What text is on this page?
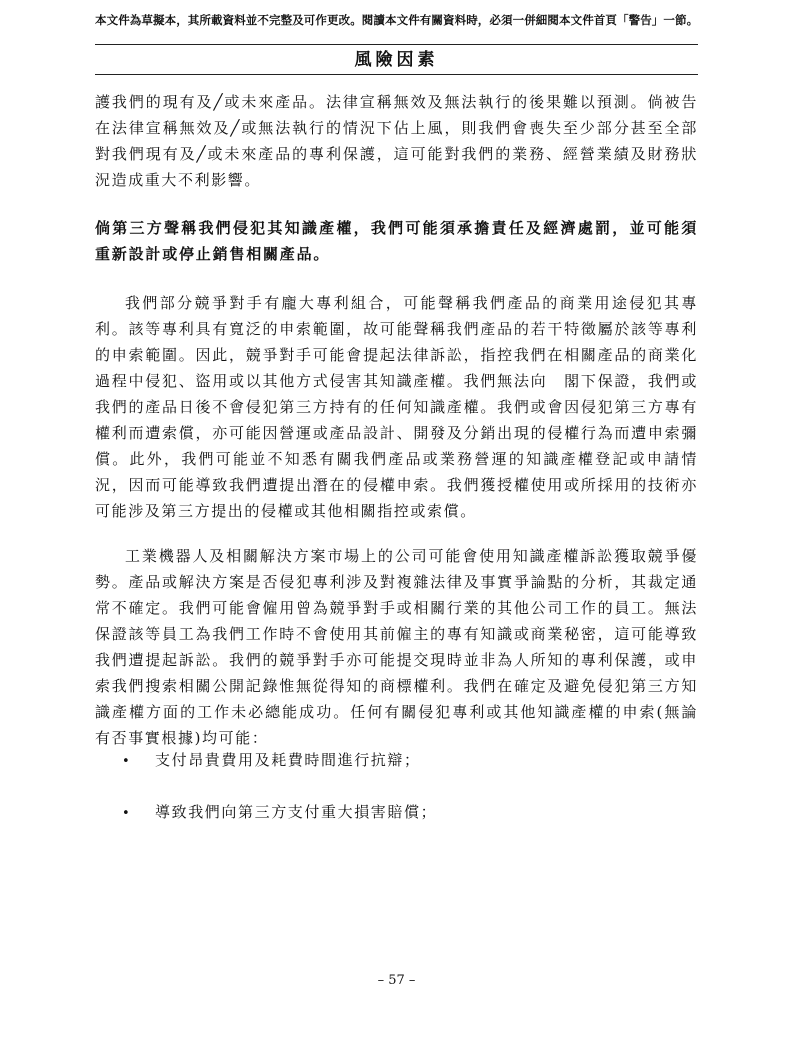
本文件為草擬本，其所載資料並不完整及可作更改。閱讀本文件有關資料時，必須一併細閱本文件首頁「警告」一節。
風險因素

護我們的現有及╱或未來產品。法律宣稱無效及無法執行的後果難以預測。倘被告在法律宣稱無效及╱或無法執行的情況下佔上風，則我們會喪失至少部分甚至全部對我們現有及╱或未來產品的專利保護，這可能對我們的業務、經營業績及財務狀況造成重大不利影響。

倘第三方聲稱我們侵犯其知識產權，我們可能須承擔責任及經濟處罰，並可能須重新設計或停止銷售相關產品。

我們部分競爭對手有龐大專利組合，可能聲稱我們產品的商業用途侵犯其專利。該等專利具有寬泛的申索範圍，故可能聲稱我們產品的若干特徵屬於該等專利的申索範圍。因此，競爭對手可能會提起法律訴訟，指控我們在相關產品的商業化過程中侵犯、盜用或以其他方式侵害其知識產權。我們無法向　閣下保證，我們或我們的產品日後不會侵犯第三方持有的任何知識產權。我們或會因侵犯第三方專有權利而遭索償，亦可能因營運或產品設計、開發及分銷出現的侵權行為而遭申索彌償。此外，我們可能並不知悉有關我們產品或業務營運的知識產權登記或申請情況，因而可能導致我們遭提出潛在的侵權申索。我們獲授權使用或所採用的技術亦可能涉及第三方提出的侵權或其他相關指控或索償。

工業機器人及相關解決方案市場上的公司可能會使用知識產權訴訟獲取競爭優勢。產品或解決方案是否侵犯專利涉及對複雜法律及事實爭論點的分析，其裁定通常不確定。我們可能會僱用曾為競爭對手或相關行業的其他公司工作的員工。無法保證該等員工為我們工作時不會使用其前僱主的專有知識或商業秘密，這可能導致我們遭提起訴訟。我們的競爭對手亦可能提交現時並非為人所知的專利保護，或申索我們搜索相關公開記錄惟無從得知的商標權利。我們在確定及避免侵犯第三方知識產權方面的工作未必總能成功。任何有關侵犯專利或其他知識產權的申索(無論有否事實根據)均可能：

• 支付昂貴費用及耗費時間進行抗辯；
• 導致我們向第三方支付重大損害賠償；
– 57 –
